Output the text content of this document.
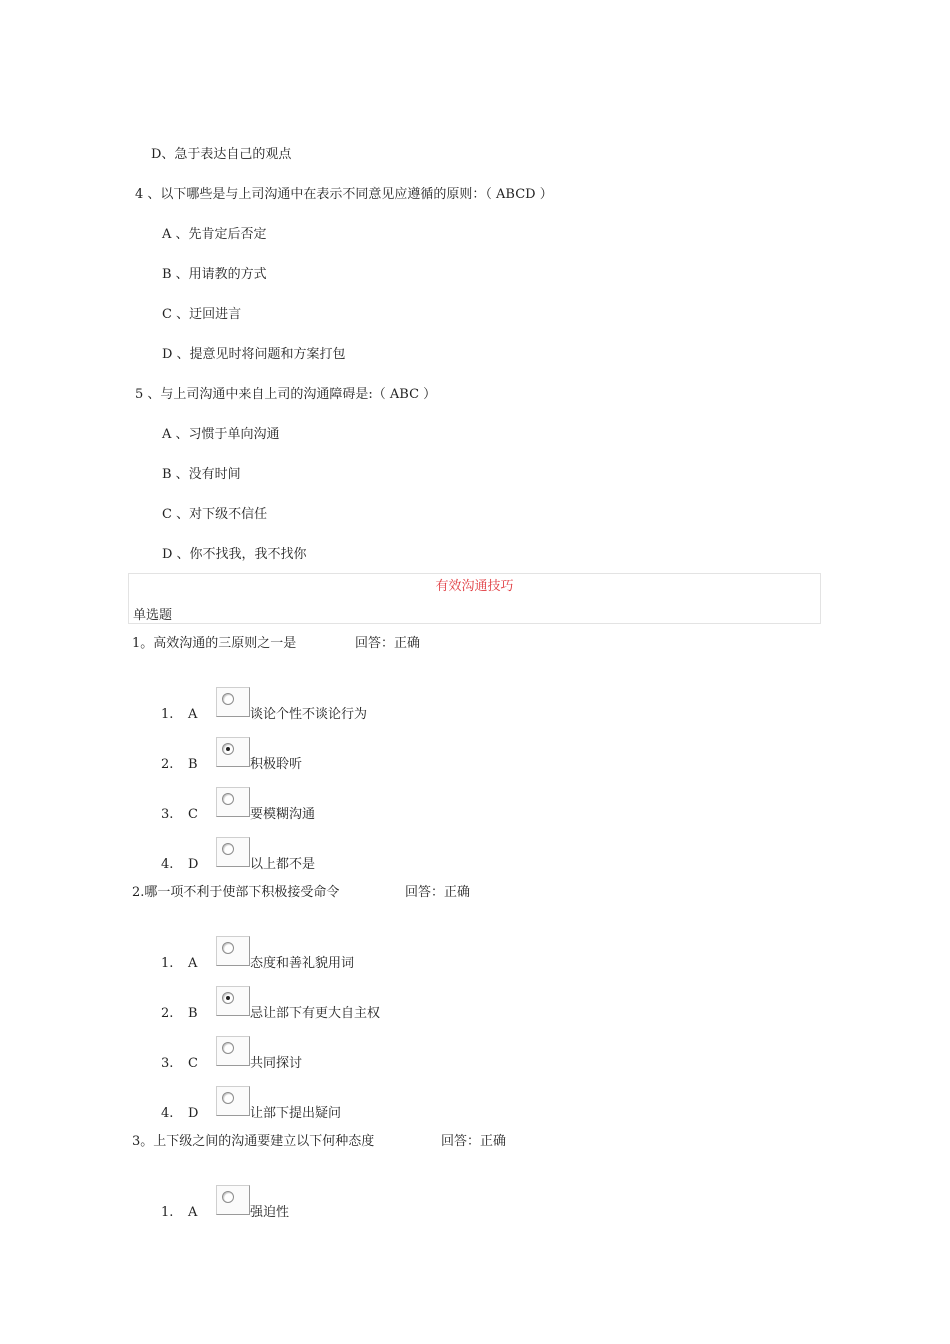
D、急于表达自己的观点
4 、以下哪些是与上司沟通中在表示不同意见应遵循的原则：（ ABCD ）
A 、先肯定后否定
B 、用请教的方式
C 、迂回进言
D 、提意见时将问题和方案打包
5 、与上司沟通中来自上司的沟通障碍是:（ ABC ）
A 、习惯于单向沟通
B 、没有时间
C 、对下级不信任
D 、你不找我，我不找你
有效沟通技巧
单选题
1。高效沟通的三原则之一是	回答：正确
1. A	谈论个性不谈论行为
2. B	积极聆听
3. C	要模糊沟通
4. D	以上都不是
2.哪一项不利于使部下积极接受命令	回答：正确
1. A	态度和善礼貌用词
2. B	忌让部下有更大自主权
3. C	共同探讨
4. D	让部下提出疑问
3。上下级之间的沟通要建立以下何种态度	回答：正确
1. A	强迫性
